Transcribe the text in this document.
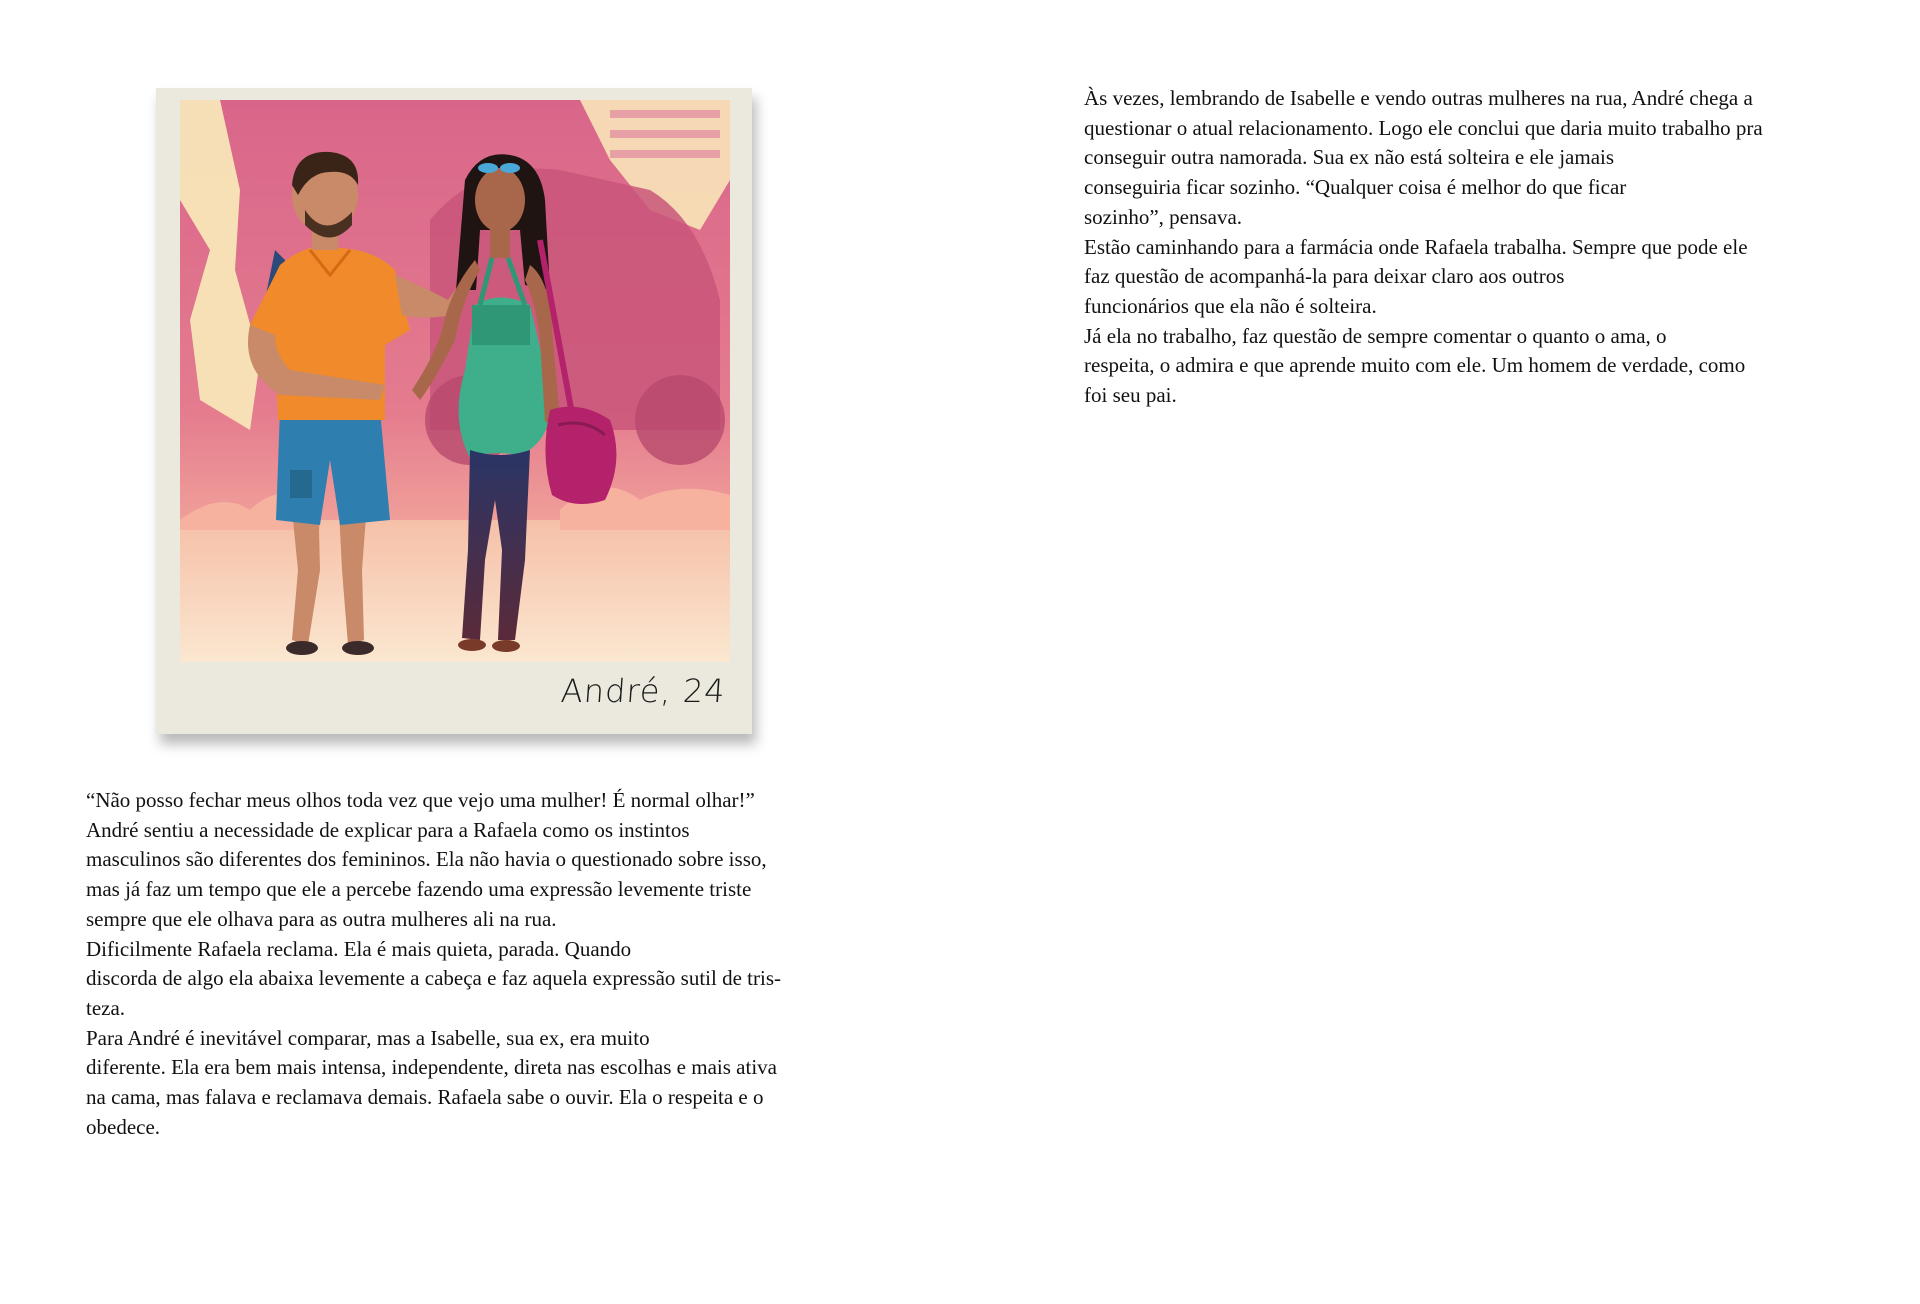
André, 24
Às vezes, lembrando de Isabelle e vendo outras mulheres na rua, André chega a
questionar o atual relacionamento. Logo ele conclui que daria muito trabalho pra
conseguir outra namorada. Sua ex não está solteira e ele jamais
conseguiria ficar sozinho. “Qualquer coisa é melhor do que ficar
sozinho”, pensava.
Estão caminhando para a farmácia onde Rafaela trabalha. Sempre que pode ele
faz questão de acompanhá-la para deixar claro aos outros
funcionários que ela não é solteira.
Já ela no trabalho, faz questão de sempre comentar o quanto o ama, o
respeita, o admira e que aprende muito com ele. Um homem de verdade, como
foi seu pai.
“Não posso fechar meus olhos toda vez que vejo uma mulher! É normal olhar!”
André sentiu a necessidade de explicar para a Rafaela como os instintos
masculinos são diferentes dos femininos. Ela não havia o questionado sobre isso,
mas já faz um tempo que ele a percebe fazendo uma expressão levemente triste
sempre que ele olhava para as outra mulheres ali na rua.
Dificilmente Rafaela reclama. Ela é mais quieta, parada. Quando
discorda de algo ela abaixa levemente a cabeça e faz aquela expressão sutil de tris-
teza.
Para André é inevitável comparar, mas a Isabelle, sua ex, era muito
diferente. Ela era bem mais intensa, independente, direta nas escolhas e mais ativa
na cama, mas falava e reclamava demais. Rafaela sabe o ouvir. Ela o respeita e o
obedece.
